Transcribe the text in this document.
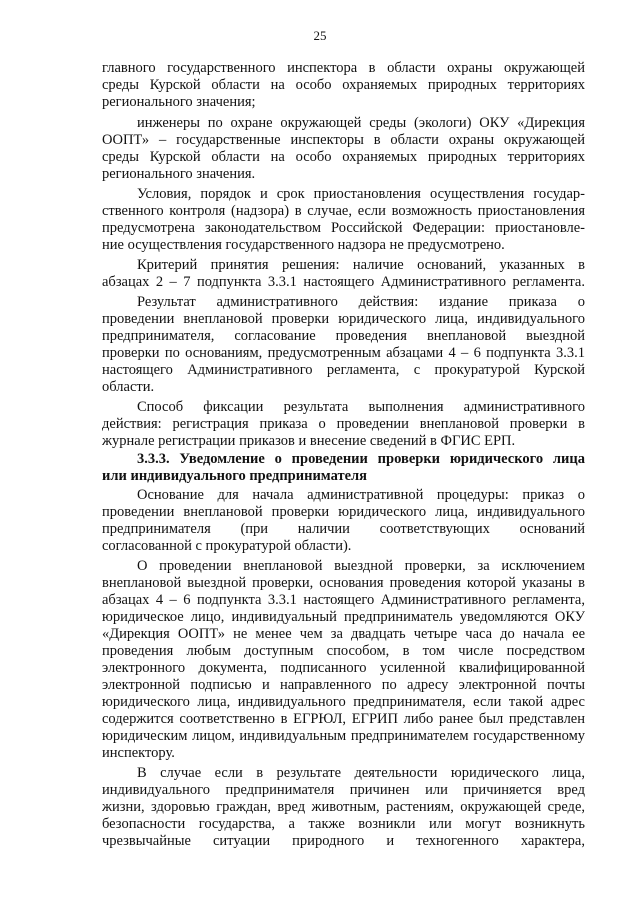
25
главного государственного инспектора в области охраны окружающей
среды Курской области на особо охраняемых природных территориях
регионального значения;
инженеры по охране окружающей среды (экологи) ОКУ «Дирекция
ООПТ» – государственные инспекторы в области охраны окружающей
среды Курской области на особо охраняемых природных территориях
регионального значения.
Условия, порядок и срок приостановления осуществления государ-
ственного контроля (надзора) в случае, если возможность приостановления
предусмотрена законодательством Российской Федерации: приостановле-
ние осуществления государственного надзора не предусмотрено.
Критерий принятия решения: наличие оснований, указанных в
абзацах 2 – 7 подпункта 3.3.1 настоящего Административного регламента.
Результат административного действия: издание приказа о
проведении внеплановой проверки юридического лица, индивидуального
предпринимателя, согласование проведения внеплановой выездной
проверки по основаниям, предусмотренным абзацами 4 – 6 подпункта 3.3.1
настоящего Административного регламента, с прокуратурой Курской
области.
Способ фиксации результата выполнения административного
действия: регистрация приказа о проведении внеплановой проверки в
журнале регистрации приказов и внесение сведений в ФГИС ЕРП.
3.3.3. Уведомление о проведении проверки юридического лица
или индивидуального предпринимателя
Основание для начала административной процедуры: приказ о
проведении внеплановой проверки юридического лица, индивидуального
предпринимателя (при наличии соответствующих оснований
согласованной с прокуратурой области).
О проведении внеплановой выездной проверки, за исключением
внеплановой выездной проверки, основания проведения которой указаны в
абзацах 4 – 6 подпункта 3.3.1 настоящего Административного регламента,
юридическое лицо, индивидуальный предприниматель уведомляются ОКУ
«Дирекция ООПТ» не менее чем за двадцать четыре часа до начала ее
проведения любым доступным способом, в том числе посредством
электронного документа, подписанного усиленной квалифицированной
электронной подписью и направленного по адресу электронной почты
юридического лица, индивидуального предпринимателя, если такой адрес
содержится соответственно в ЕГРЮЛ, ЕГРИП либо ранее был представлен
юридическим лицом, индивидуальным предпринимателем государственному
инспектору.
В случае если в результате деятельности юридического лица,
индивидуального предпринимателя причинен или причиняется вред
жизни, здоровью граждан, вред животным, растениям, окружающей среде,
безопасности государства, а также возникли или могут возникнуть
чрезвычайные ситуации природного и техногенного характера,
